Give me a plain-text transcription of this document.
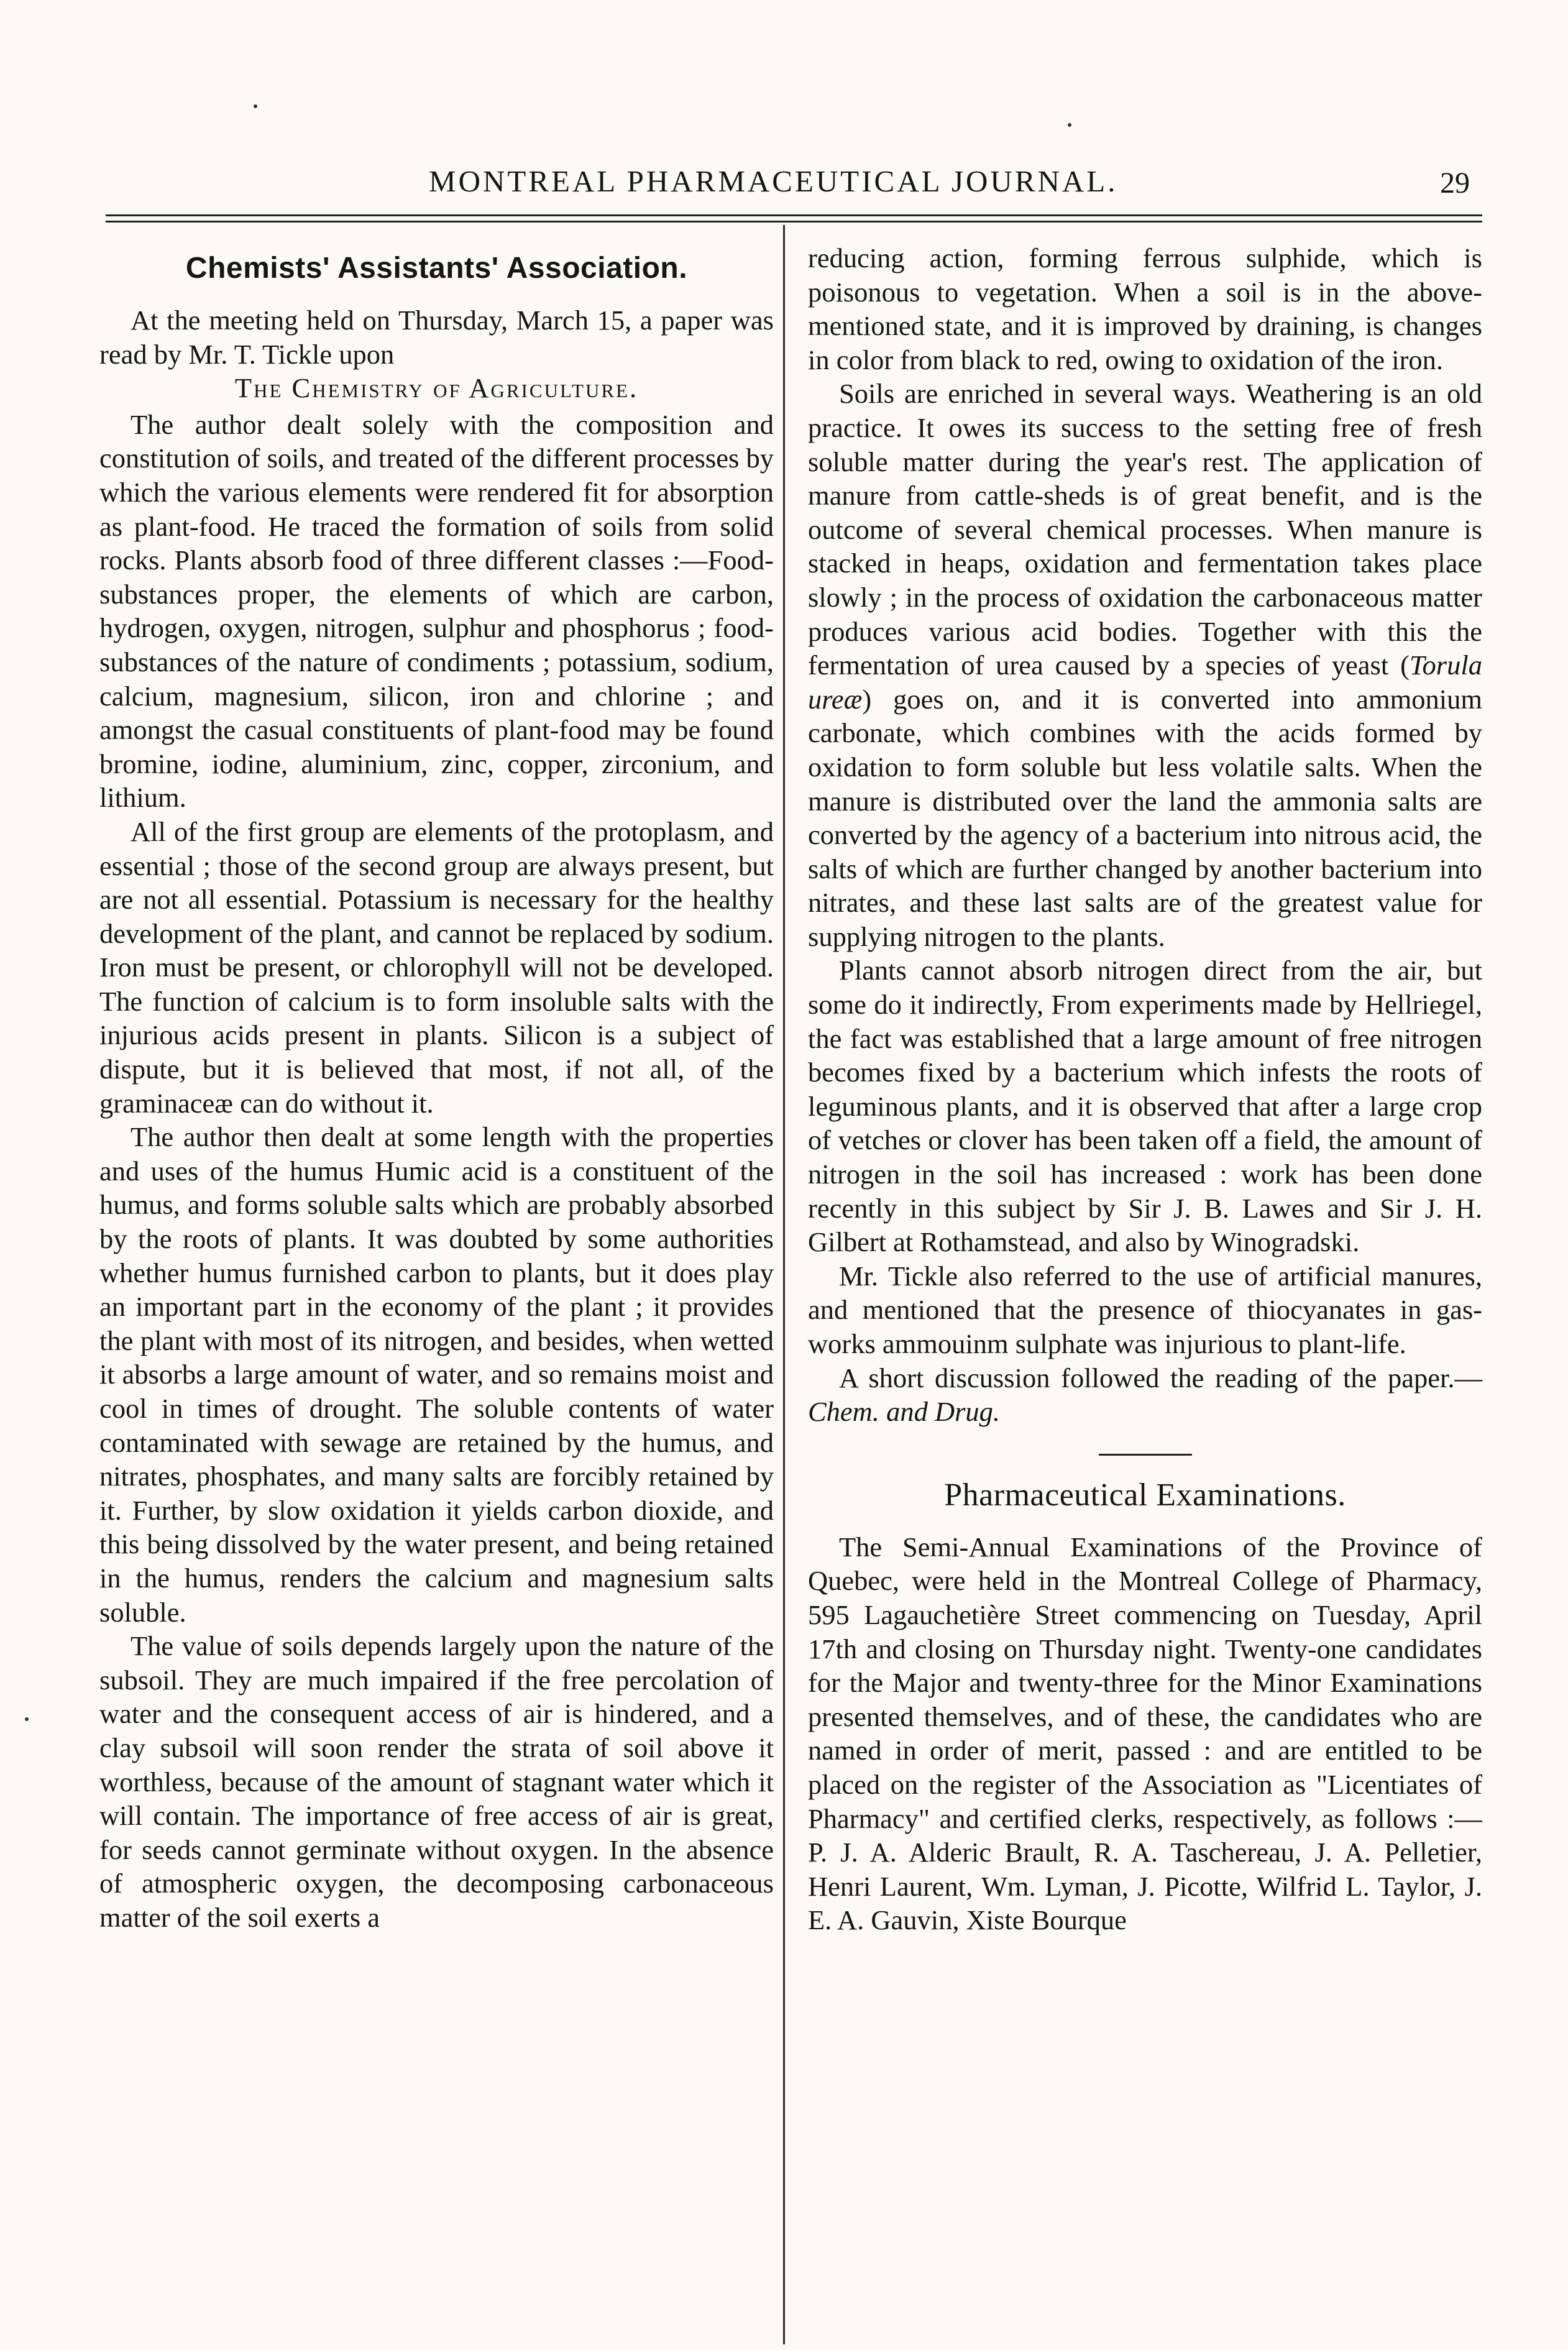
MONTREAL PHARMACEUTICAL JOURNAL.	29
Chemists' Assistants' Association.

At the meeting held on Thursday, March 15, a paper was read by Mr. T. Tickle upon

The Chemistry of Agriculture.

The author dealt solely with the composition and constitution of soils, and treated of the different processes by which the various elements were rendered fit for absorption as plant-food. He traced the formation of soils from solid rocks. Plants absorb food of three different classes :—Food-substances proper, the elements of which are carbon, hydrogen, oxygen, nitrogen, sulphur and phosphorus ; food-substances of the nature of condiments ; potassium, sodium, calcium, magnesium, silicon, iron and chlorine ; and amongst the casual constituents of plant-food may be found bromine, iodine, aluminium, zinc, copper, zirconium, and lithium.

All of the first group are elements of the protoplasm, and essential ; those of the second group are always present, but are not all essential. Potassium is necessary for the healthy development of the plant, and cannot be replaced by sodium. Iron must be present, or chlorophyll will not be developed. The function of calcium is to form insoluble salts with the injurious acids present in plants. Silicon is a subject of dispute, but it is believed that most, if not all, of the graminaceæ can do without it.

The author then dealt at some length with the properties and uses of the humus Humic acid is a constituent of the humus, and forms soluble salts which are probably absorbed by the roots of plants. It was doubted by some authorities whether humus furnished carbon to plants, but it does play an important part in the economy of the plant ; it provides the plant with most of its nitrogen, and besides, when wetted it absorbs a large amount of water, and so remains moist and cool in times of drought. The soluble contents of water contaminated with sewage are retained by the humus, and nitrates, phosphates, and many salts are forcibly retained by it. Further, by slow oxidation it yields carbon dioxide, and this being dissolved by the water present, and being retained in the humus, renders the calcium and magnesium salts soluble.

The value of soils depends largely upon the nature of the subsoil. They are much impaired if the free percolation of water and the consequent access of air is hindered, and a clay subsoil will soon render the strata of soil above it worthless, because of the amount of stagnant water which it will contain. The importance of free access of air is great, for seeds cannot germinate without oxygen. In the absence of atmospheric oxygen, the decomposing carbonaceous matter of the soil exerts a

reducing action, forming ferrous sulphide, which is poisonous to vegetation. When a soil is in the above-mentioned state, and it is improved by draining, is changes in color from black to red, owing to oxidation of the iron.

Soils are enriched in several ways. Weathering is an old practice. It owes its success to the setting free of fresh soluble matter during the year's rest. The application of manure from cattle-sheds is of great benefit, and is the outcome of several chemical processes. When manure is stacked in heaps, oxidation and fermentation takes place slowly ; in the process of oxidation the carbonaceous matter produces various acid bodies. Together with this the fermentation of urea caused by a species of yeast (Torula ureæ) goes on, and it is converted into ammonium carbonate, which combines with the acids formed by oxidation to form soluble but less volatile salts. When the manure is distributed over the land the ammonia salts are converted by the agency of a bacterium into nitrous acid, the salts of which are further changed by another bacterium into nitrates, and these last salts are of the greatest value for supplying nitrogen to the plants.

Plants cannot absorb nitrogen direct from the air, but some do it indirectly, From experiments made by Hellriegel, the fact was established that a large amount of free nitrogen becomes fixed by a bacterium which infests the roots of leguminous plants, and it is observed that after a large crop of vetches or clover has been taken off a field, the amount of nitrogen in the soil has increased : work has been done recently in this subject by Sir J. B. Lawes and Sir J. H. Gilbert at Rothamstead, and also by Winogradski.

Mr. Tickle also referred to the use of artificial manures, and mentioned that the presence of thiocyanates in gas-works ammouinm sulphate was injurious to plant-life.

A short discussion followed the reading of the paper.—Chem. and Drug.

Pharmaceutical Examinations.

The Semi-Annual Examinations of the Province of Quebec, were held in the Montreal College of Pharmacy, 595 Lagauchetière Street commencing on Tuesday, April 17th and closing on Thursday night. Twenty-one candidates for the Major and twenty-three for the Minor Examinations presented themselves, and of these, the candidates who are named in order of merit, passed : and are entitled to be placed on the register of the Association as "Licentiates of Pharmacy" and certified clerks, respectively, as follows :—P. J. A. Alderic Brault, R. A. Taschereau, J. A. Pelletier, Henri Laurent, Wm. Lyman, J. Picotte, Wilfrid L. Taylor, J. E. A. Gauvin, Xiste Bourque
